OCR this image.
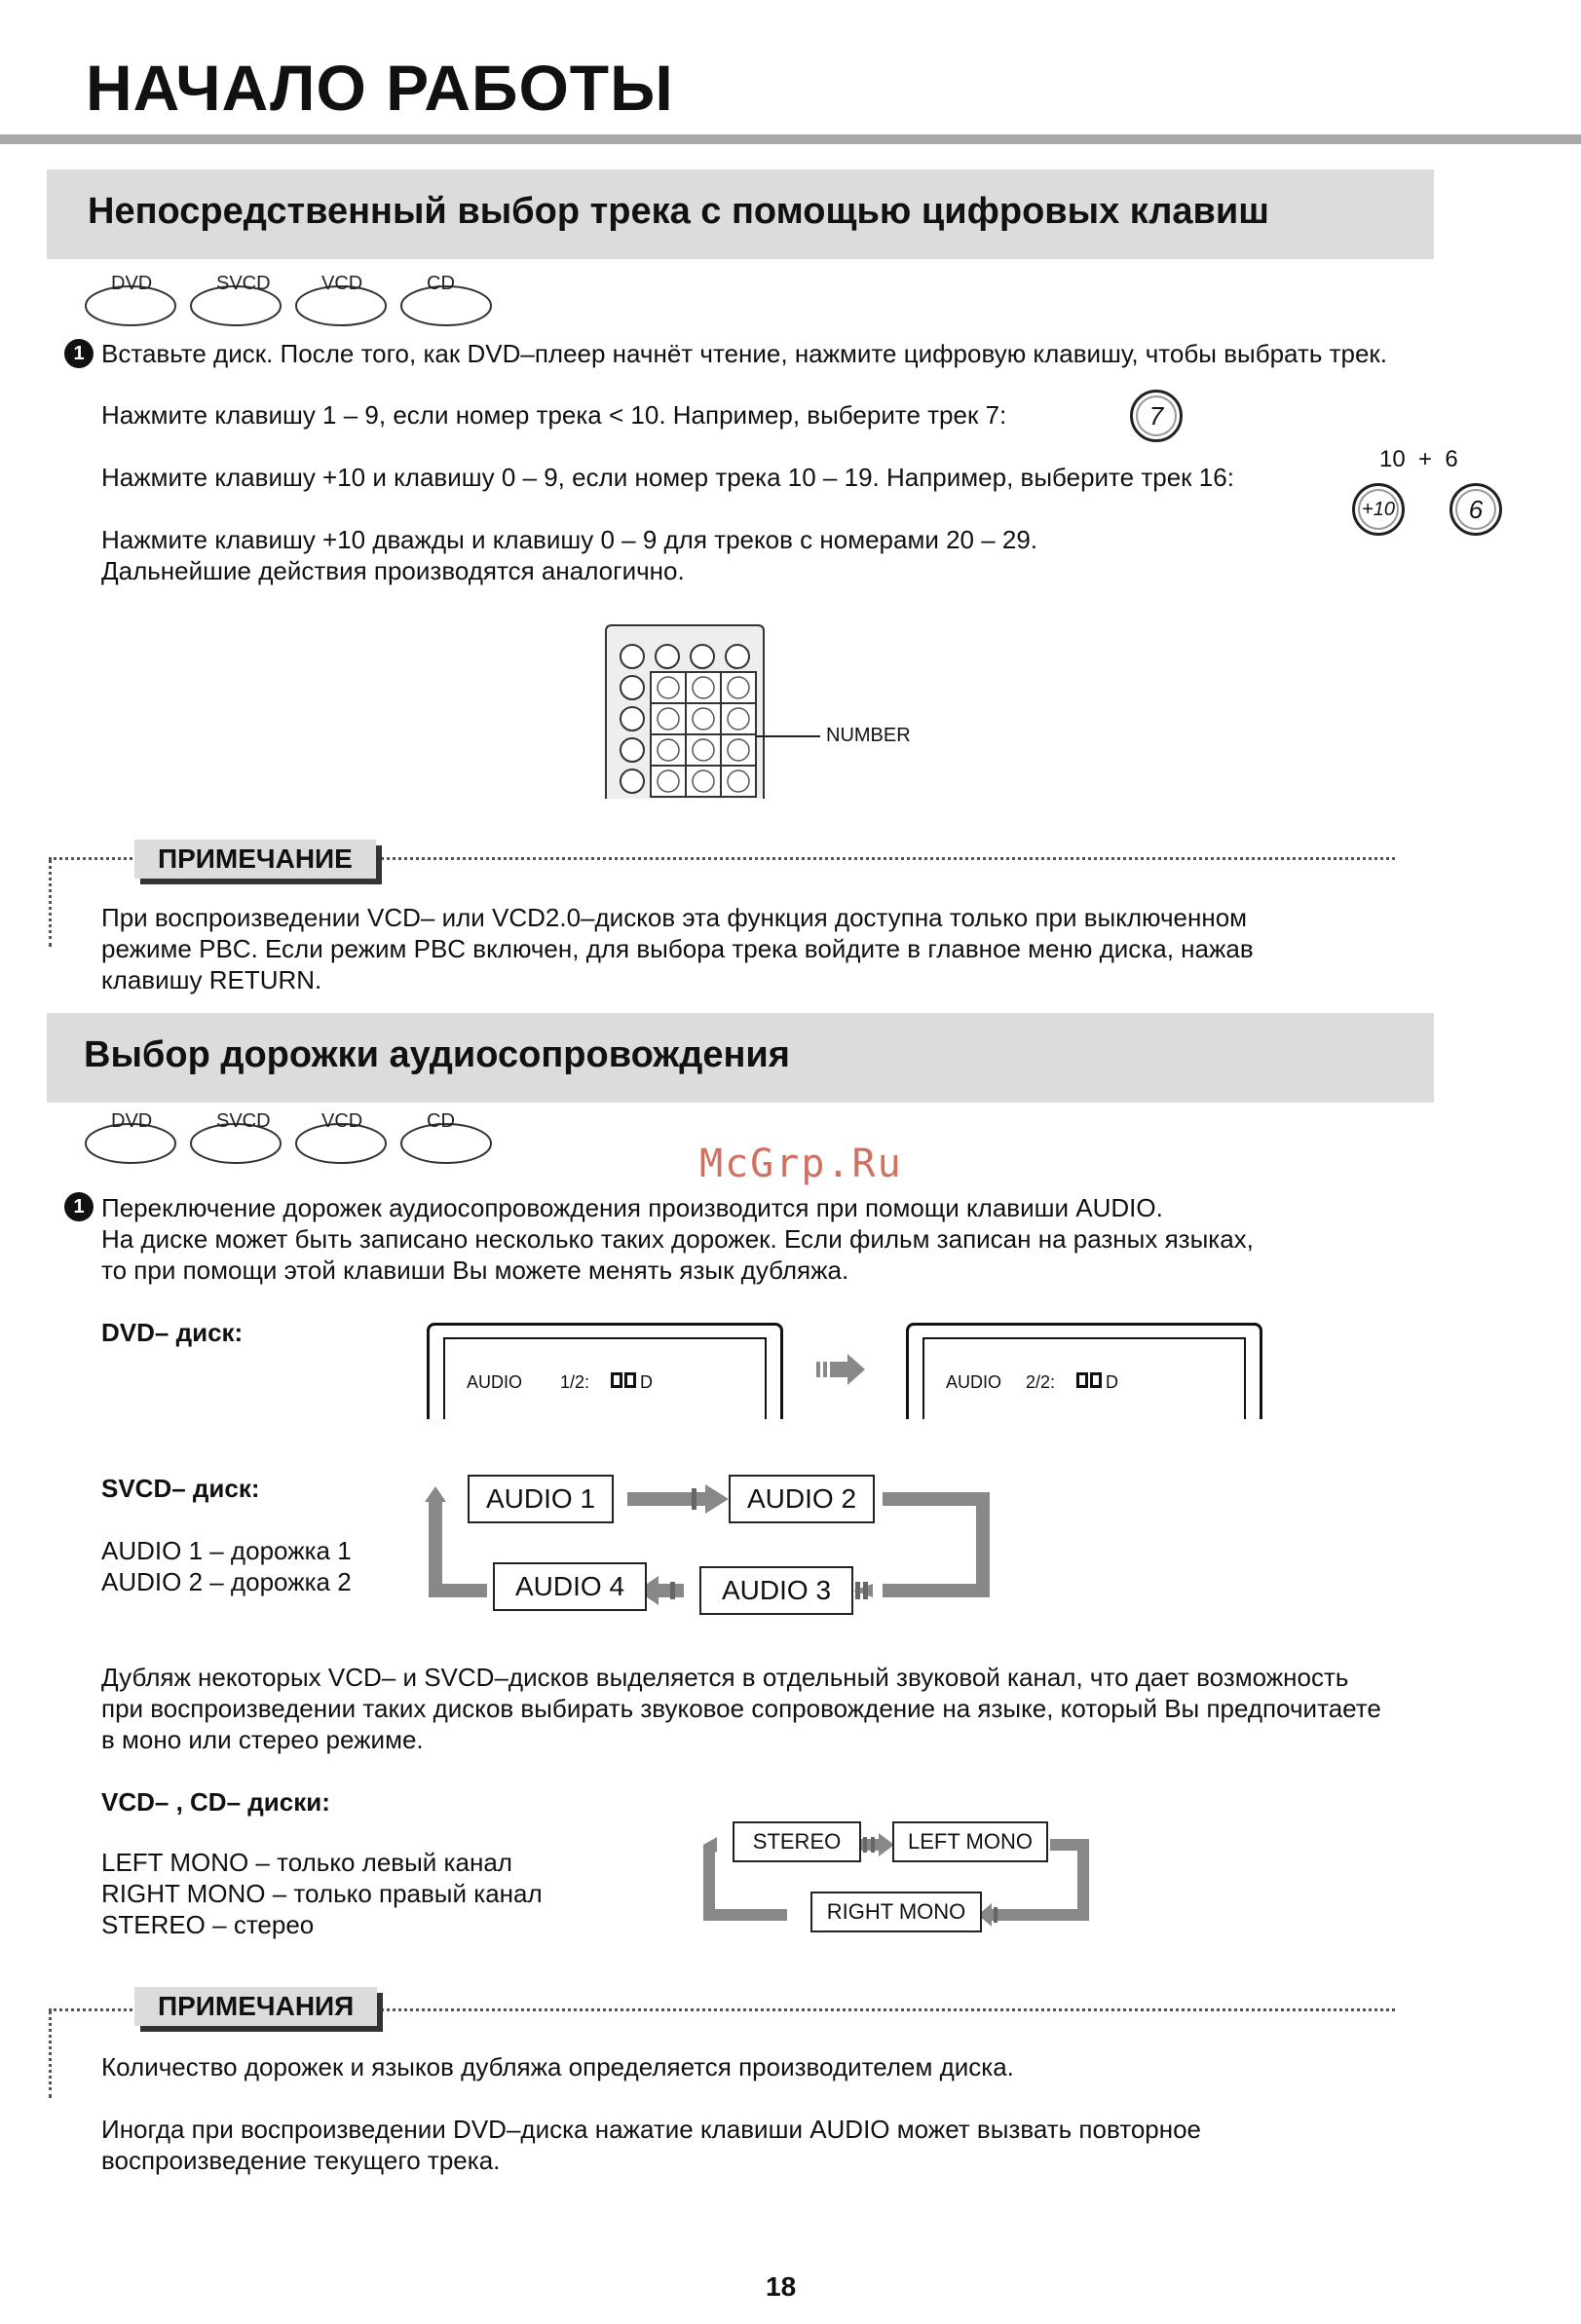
НАЧАЛО РАБОТЫ
Непосредственный выбор трека с помощью цифровых клавиш
DVD	SVCD	VCD	CD
1 Вставьте диск. После того, как DVD–плеер начнёт чтение, нажмите цифровую клавишу, чтобы выбрать трек.
Нажмите клавишу 1 – 9, если номер трека < 10. Например, выберите трек 7:	7
10  +  6
Нажмите клавишу +10 и клавишу 0 – 9, если номер трека 10 – 19. Например, выберите трек 16:
+10	6
Нажмите клавишу +10 дважды и клавишу 0 – 9 для треков с номерами 20 – 29.
Дальнейшие действия производятся аналогично.
NUMBER
ПРИМЕЧАНИЕ
При воспроизведении VCD– или VCD2.0–дисков эта функция доступна только при выключенном
режиме PBC. Если режим PBC включен, для выбора трека войдите в главное меню диска, нажав
клавишу RETURN.
Выбор дорожки аудиосопровождения
DVD	SVCD	VCD	CD
McGrp.Ru
1 Переключение дорожек аудиосопровождения производится при помощи клавиши AUDIO.
На диске может быть записано несколько таких дорожек. Если фильм записан на разных языках,
то при помощи этой клавиши Вы можете менять язык дубляжа.
DVD– диск:
AUDIO 1/2:	D	AUDIO 2/2:	D
SVCD– диск:
AUDIO 1 – дорожка 1
AUDIO 2 – дорожка 2
AUDIO 1	AUDIO 2
AUDIO 3
AUDIO 4
Дубляж некоторых VCD– и SVCD–дисков выделяется в отдельный звуковой канал, что дает возможность
при воспроизведении таких дисков выбирать звуковое сопровождение на языке, который Вы предпочитаете
в моно или стерео режиме.
VCD– , CD– диски:
LEFT MONO – только левый канал
RIGHT MONO – только правый канал
STEREO – стерео
STEREO	LEFT MONO
RIGHT MONO
ПРИМЕЧАНИЯ
Количество дорожек и языков дубляжа определяется производителем диска.
Иногда при воспроизведении DVD–диска нажатие клавиши AUDIO может вызвать повторное
воспроизведение текущего трека.
18
